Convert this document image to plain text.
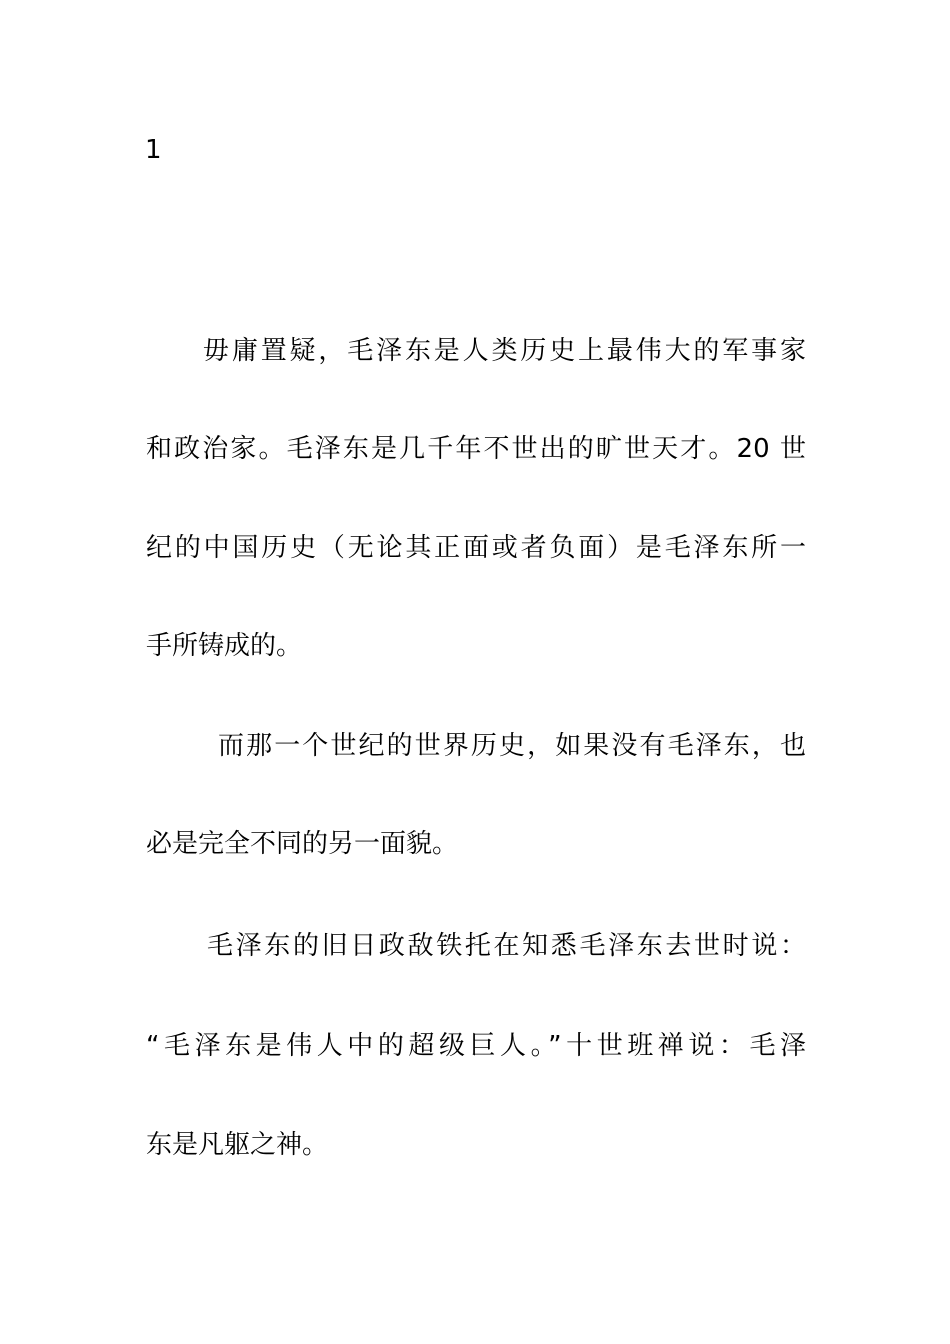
1

毋庸置疑，毛泽东是人类历史上最伟大的军事家

和政治家。毛泽东是几千年不世出的旷世天才。20 世

纪的中国历史（无论其正面或者负面）是毛泽东所一

手所铸成的。

而那一个世纪的世界历史，如果没有毛泽东，也

必是完全不同的另一面貌。

毛泽东的旧日政敌铁托在知悉毛泽东去世时说：

“毛泽东是伟人中的超级巨人。”十世班禅说：毛泽

东是凡躯之神。
